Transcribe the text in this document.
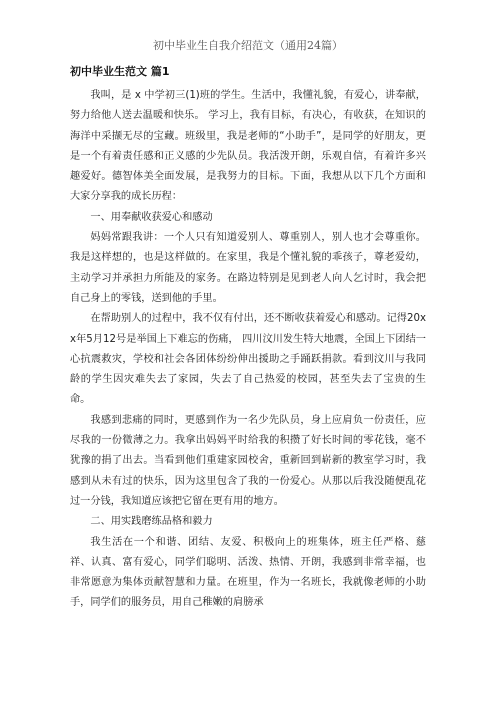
初中毕业生自我介绍范文（通用24篇）
初中毕业生范文 篇1

我叫，是 x 中学初三(1)班的学生。生活中，我懂礼貌，有爱心，讲奉献，努力给他人送去温暖和快乐。 学习上，我有目标，有决心，有收获，在知识的海洋中采撷无尽的宝藏。班级里，我是老师的“小助手”，是同学的好朋友，更是一个有着责任感和正义感的少先队员。我活泼开朗，乐观自信，有着许多兴趣爱好。德智体美全面发展，是我努力的目标。下面，我想从以下几个方面和大家分享我的成长历程：

一、用奉献收获爱心和感动

妈妈常跟我讲：一个人只有知道爱别人、尊重别人，别人也才会尊重你。我是这样想的，也是这样做的。在家里，我是个懂礼貌的乖孩子，尊老爱幼，主动学习并承担力所能及的家务。在路边特别是见到老人向人乞讨时，我会把自己身上的零钱，送到他的手里。

在帮助别人的过程中，我不仅有付出，还不断收获着爱心和感动。记得20xx年5月12号是举国上下难忘的伤痛， 四川汶川发生特大地震，全国上下团结一心抗震救灾，学校和社会各团体纷纷伸出援助之手踊跃捐款。看到汶川与我同龄的学生因灾难失去了家园，失去了自己热爱的校园，甚至失去了宝贵的生命。

我感到悲痛的同时，更感到作为一名少先队员，身上应肩负一份责任，应尽我的一份微薄之力。我拿出妈妈平时给我的积攒了好长时间的零花钱，毫不犹豫的捐了出去。当看到他们重建家园校舍，重新回到崭新的教室学习时，我感到从未有过的快乐，因为这里包含了我的一份爱心。从那以后我没随便乱花过一分钱，我知道应该把它留在更有用的地方。

二、用实践磨练品格和毅力

我生活在一个和谐、团结、友爱、积极向上的班集体，班主任严格、慈祥、认真、富有爱心，同学们聪明、活泼、热情、开朗，我感到非常幸福，也非常愿意为集体贡献智慧和力量。在班里，作为一名班长，我就像老师的小助手，同学们的服务员，用自己稚嫩的肩膀承
